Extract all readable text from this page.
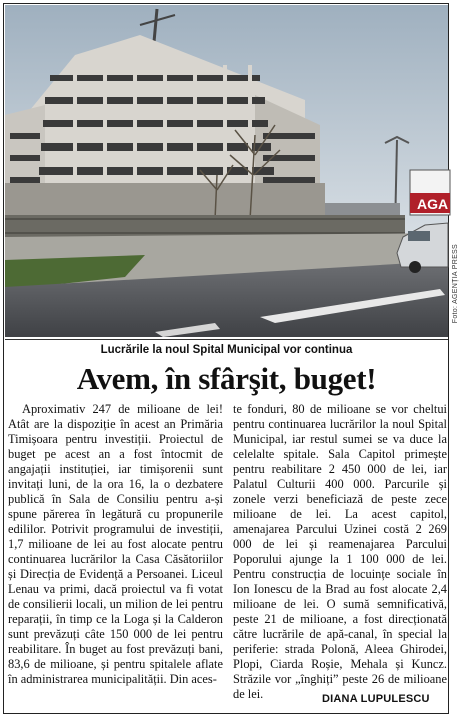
AGA
Foto: AGENȚIA PRESS
Lucrările la noul Spital Municipal vor continua
Avem, în sfârşit, buget!

Aproximativ 247 de milioane de lei! Atât are la dispoziție în acest an Primăria Timișoara pentru investiții. Proiectul de buget pe acest an a fost întocmit de angajații instituției, iar timișorenii sunt invitați luni, de la ora 16, la o dezbatere publică în Sala de Consiliu pentru a-și spune părerea în legătură cu propunerile edililor. Potrivit programului de investiții, 1,7 milioane de lei au fost alocate pentru continuarea lucrărilor la Casa Căsătoriilor și Direcția de Evidență a Persoanei. Liceul Lenau va primi, dacă proiectul va fi votat de consilierii locali, un milion de lei pentru reparații, în timp ce la Loga și la Calderon sunt prevăzuți câte 150 000 de lei pentru reabilitare. În buget au fost prevăzuți bani, 83,6 de milioane, și pentru spitalele aflate în administrarea municipalității. Din aces-

te fonduri, 80 de milioane se vor cheltui pentru continuarea lucrărilor la noul Spital Municipal, iar restul sumei se va duce la celelalte spitale. Sala Capitol primește pentru reabilitare 2 450 000 de lei, iar Palatul Culturii 400 000. Parcurile și zonele verzi beneficiază de peste zece milioane de lei. La acest capitol, amenajarea Parcului Uzinei costă 2 269 000 de lei și reamenajarea Parcului Poporului ajunge la 1 100 000 de lei. Pentru construcția de locuințe sociale în Ion Ionescu de la Brad au fost alocate 2,4 milioane de lei. O sumă semnificativă, peste 21 de milioane, a fost direcționată către lucrările de apă-canal, în special la periferie: strada Polonă, Aleea Ghirodei, Plopi, Ciarda Roșie, Mehala și Kuncz. Străzile vor „înghiți” peste 26 de milioane de lei.	DIANA LUPULESCU
